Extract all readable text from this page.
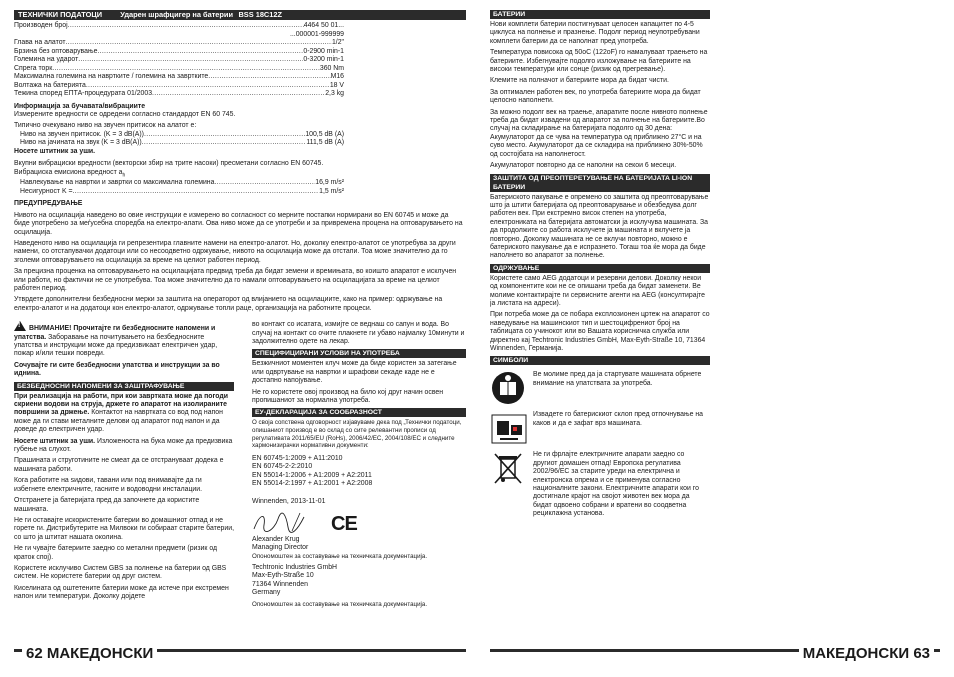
ТЕХНИЧКИ ПОДАТОЦИ Ударен шрафцигер на батерии BSS 18C12Z
Производен број .....	4464 50 01...
...000001-999999
Глава на алатот .....	1/2"
Брзина без оптоварување .....	0-2900 min-1
Големина на ударот .....	0-3200 min-1
Спрега торк .....	360 Nm
Максимална големина на навртките / големина на завртките .....	M16
Волтажа на батерията .....	18 V
Тежина според ЕПТА-процедурата 01/2003 .....	2,3 kg

Информација за бучавата/вибрациите

Измерените вредности се одредени согласно стандардот EN 60 745.

Типично очекувано ниво на звучен притисок на алатот е:

Ниво на звучен притисок. (K = 3 dB(A)) .....	100,5 dB (A)
Ниво на јачината на звук (K = 3 dB(A)) .....	111,5 dB (A)

Носете штитник за уши.

Вкупни вибрациски вредности (векторски збир на трите насоки) пресметани согласно EN 60745.

Вибрациска емисиона вредност $a_h$

Навлекување на навртки и завртки со максимална големина .....	16,9 m/s²
Несигурност K = .....	1,5 m/s²

ПРЕДУПРЕДУВАЊЕ

Нивото на осцилација наведено во овие инструкции е измерено во согласност со мерните постапки нормирани во EN 60745 и може да биде употребено за меѓусебна споредба на електро-апати. Ова ниво може да се употреби и за привремена процена на оптоварувањето на осцилација.

Наведеното ниво на осцилација ги репрезентира главните намени на електро-алатот. Но, доколку електро-алатот се употребува за други намени, со отстапувачки додатоци или со несоодветно одржување, нивото на осцилација може да отстапи. Тоа може значително да го зголеми оптоварувањето на осцилација за време на целиот работен период.

За прецизна проценка на оптоварувањето на осцилацијата предвид треба да бидат земени и времињата, во коишто апаратот е исклучен или работи, но фактички не се употребува. Тоа може значително да го намали оптоварувањето на осцилацијата за време на целиот работен период.

Утврдете дополнителни безбедносни мерки за заштита на операторот од влијанието на осцилациите, како на пример: одржување на електро-алатот и на додатоци кон електро-алатот, одржување топли раце, организација на работните процеси.

!ВНИМАНИЕ! Прочитајте ги безбедносните напомени и упатства. Заборавање на почитувањето на безбедносните упатства и инструкции може да предизвикаат електричен удар, пожар и/или тешки повреди.

Сочувајте ги сите безбедносни упатства и инструкции за во иднина.

БЕЗБЕДНОСНИ НАПОМЕНИ ЗА ЗАШТРАФУВАЊЕ

При реализација на работи, при кои завртката може да погоди скриени водови на струја, држете го апаратот на изолираните површини за држење. Контактот на навртката со вод под напон може да ги стави металните делови од апаратот под напон и да доведе до електричен удар.

Носете штитник за уши. Изложеноста на бука може да предизвика губење на слухот.

Прашината и струготините не смеат да се отстрануваат додека е машината работи.

Кога работите на ѕидови, тавани или под внимавајте да ги избегнете електричните, гасните и водоводни инсталации.

Отстранете ја батеријата пред да започнете да користите машината.

Не ги оставајте искористените батерии во домашниот отпад и не горете ги. Дистрибутерите на Милвоки ги собираат старите батерии, со што ја штитат нашата околина.

Не ги чувајте батериите заедно со метални предмети (ризик од краток спој).

Користете исклучиво Систем GBS за полнење на батерии од GBS систем. Не користете батерии од друг систем.

Киселината од оштетените батерии може да истече при екстремен напон или температури. Доколку дојдете

во контакт со исатата, измијте се веднаш со сапун и вода. Во случај на контакт со очите плакнете ги убаво најмалку 10минути и задолжително одете на лекар.

СПЕЦИФИЦИРАНИ УСЛОВИ НА УПОТРЕБА

Безжичниот моментен клуч може да биде користен за затегање или одвртување на навртки и шрафови секаде каде не е достапно напојување.

Не го користете овој производ на било кој друг начин освен пропишаниот за нормална употреба.

ЕУ-ДЕКЛАРАЦИЈА ЗА СООБРАЗНОСТ

О своја сопствена одговорност изјавуваме дека под „Технички податоци, опишаниот производ е во склад со сите релевантни прописи од регулативата 2011/65/EU (RoHs), 2006/42/EC, 2004/108/EC и следните хармонизирачки нормативни документи:

EN 60745-1:2009 + A11:2010

EN 60745-2-2:2010

EN 55014-1:2006 + A1:2009 + A2:2011

EN 55014-2:1997 + A1:2001 + A2:2008

Winnenden, 2013-11-01

CE

Alexander Krug

Managing Director

Опономоштен за составување на техничката документација.

Techtronic Industries GmbH

Max-Eyth-Straße 10

71364 Winnenden

Germany

Опономоштен за составување на техничката документација.

БАТЕРИИ

Нови комплети батерии постигнуваат целосен капацитет по 4-5 циклуса на полнење и празнење. Подолг период неупотребувани комплети батерии да се наполнат пред употреба.

Температура повисока од 50oC (122oF) го намалуваат траењето на батериите. Избегнувајте подолго изложување на батериите на високи температури или сонце (ризик од прегревање).

Клемите на полначот и батериите мора да бидат чисти.

За оптимален работен век, по употреба батериите мора да бидат целосно наполнети.

За можно подолг век на траење, апаратите после нивното полнење треба да бидат извадени од апаратот за полнење на батериите.Во случај на складирање на батеријата подолго од 30 дена: Акумулаторот да се чува на температура од приближно 27°C и на суво место. Акумулаторот да се складира на приближно 30%-50% од состојбата на наполнетост.

Акумулаторот повторно да се наполни на секои 6 месеци.

ЗАШТИТА ОД ПРЕОПТЕРЕТУВАЊЕ НА БАТЕРИЈАТА LI-ION БАТЕРИИ

Батериското пакување е опремено со заштита од преоптоварување што ја штити батеријата од преоптоварување и обезбедува долг работен век. При екстремно висок степен на употреба, електрониката на батеријата автоматски ја исклучува машината. За да продолжите со работа исклучете ја машината и вклучете ја повторно. Доколку машината не се вклучи повторно, можно е батериското пакување да е испразнето. Тогаш тоа ќе мора да биде наполнето во апаратот за полнење.

ОДРЖУВАЊЕ

Користете само AEG додатоци и резервни делови. Доколку некои од компонентите кои не се опишани треба да бидат заменети. Ве молиме контактирајте ги сервисните агенти на AEG (консултирајте ја листата на адреси).

При потреба може да се побара експлозионен цртеж на апаратот со наведување на машинскиот тип и шестоцифрениот број на таблицата со учинокот или во Вашата корисничка служба или директно кај Techtronic Industries GmbH, Max-Eyth-Straße 10, 71364 Winnenden, Германија.

СИМБОЛИ

Ве молиме пред да ја стартувате машината обрнете внимание на упатствата за употреба.

Извадете го батерискиот склоп пред отпочнување на каков и да е зафат врз машината.

Не ги фрлајте електричните апарати заедно со другиот домашен отпад! Европска регулатива 2002/96/EC за старите уреди на електрична и електронска опрема и се применува согласно националните закони. Електричните апарати кои го достигнале крајот на својот животен век мора да бидат одвоено собрани и вратени во соодветна рециклажна установа.

62 МАКЕДОНСКИ	МАКЕДОНСКИ 63
